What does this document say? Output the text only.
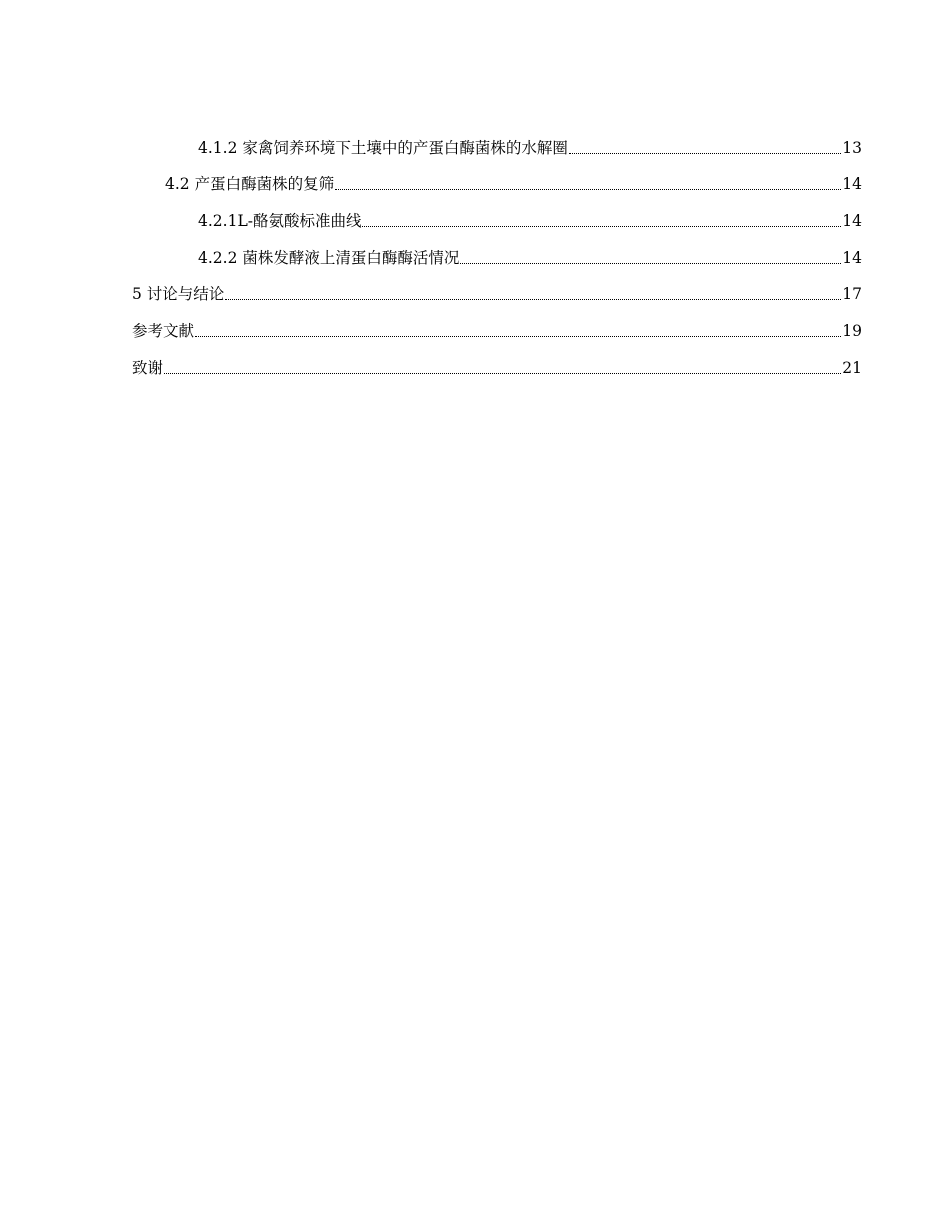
4.1.2 家禽饲养环境下土壤中的产蛋白酶菌株的水解圈	13
4.2 产蛋白酶菌株的复筛	14
4.2.1L-酪氨酸标准曲线	14
4.2.2 菌株发酵液上清蛋白酶酶活情况	14
5 讨论与结论	17
参考文献	19
致谢	21
